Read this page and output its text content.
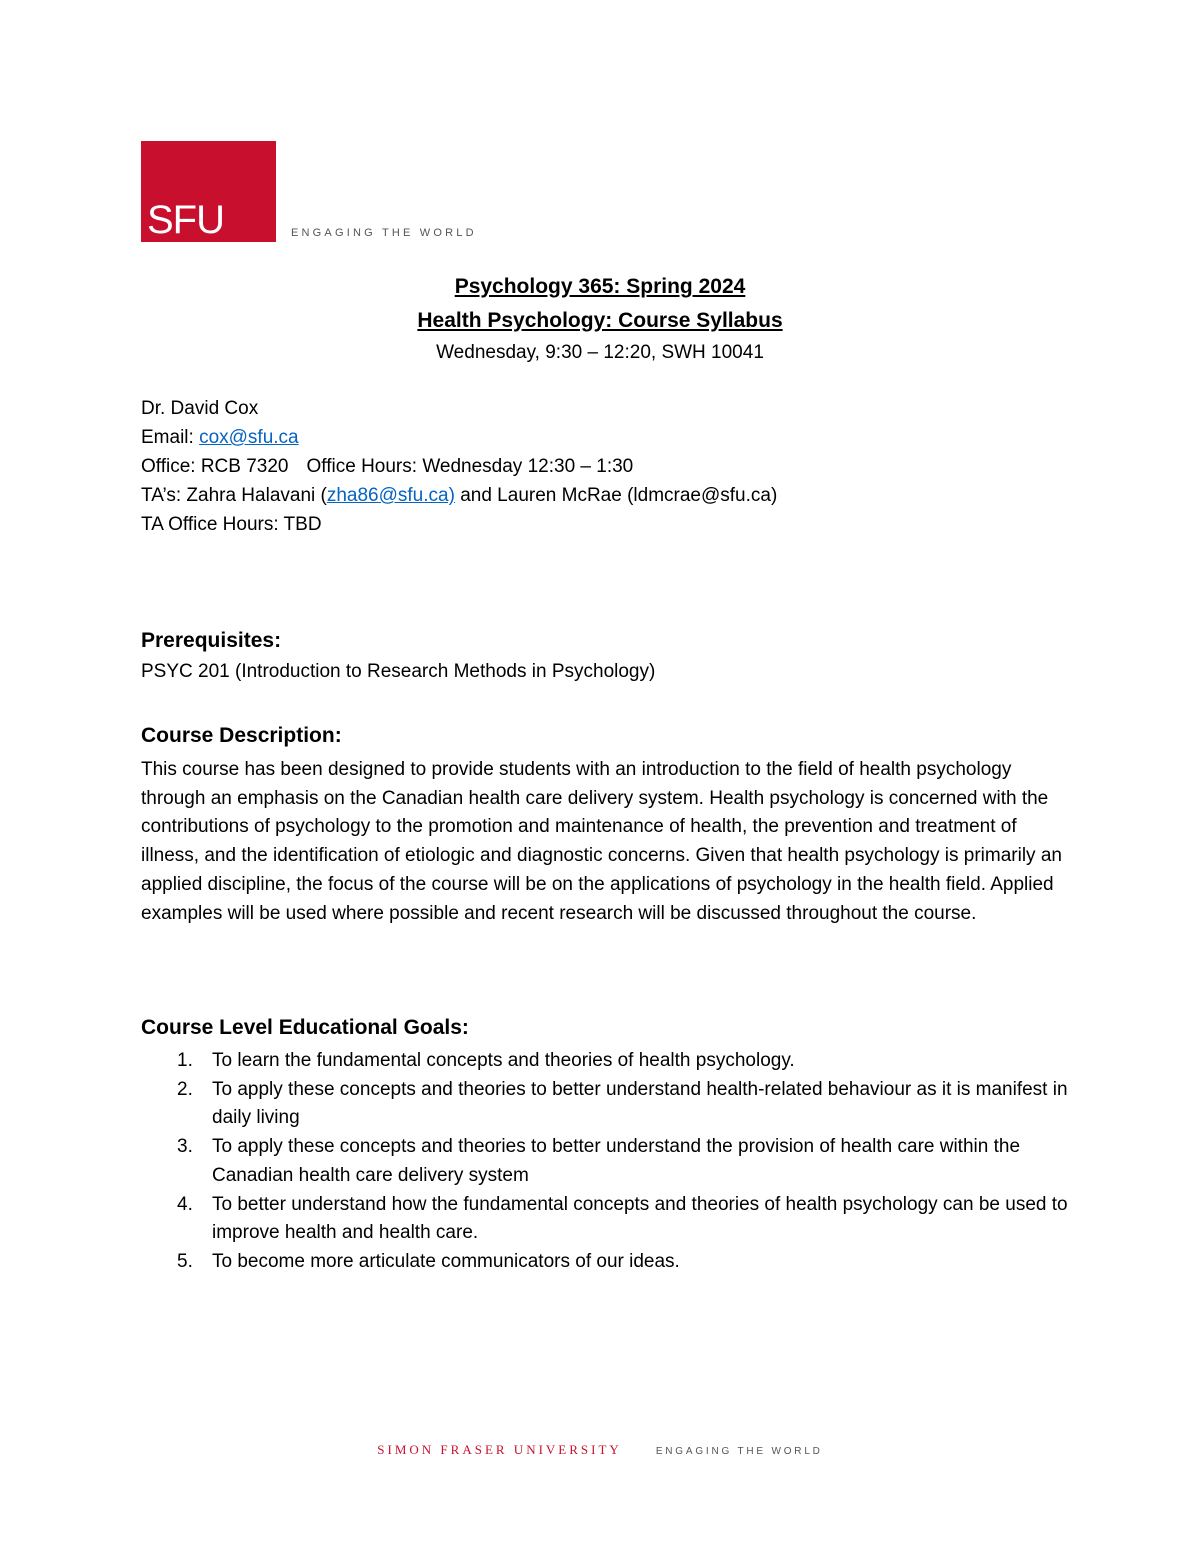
SFU	ENGAGING THE WORLD
Psychology 365: Spring 2024
Health Psychology: Course Syllabus
Wednesday, 9:30 – 12:20, SWH 10041
Dr. David Cox
Email: cox@sfu.ca
Office: RCB 7320 Office Hours: Wednesday 12:30 – 1:30
TA’s: Zahra Halavani (zha86@sfu.ca) and Lauren McRae (ldmcrae@sfu.ca)
TA Office Hours: TBD
Prerequisites:
PSYC 201 (Introduction to Research Methods in Psychology)
Course Description:

This course has been designed to provide students with an introduction to the field of health psychology through an emphasis on the Canadian health care delivery system. Health psychology is concerned with the contributions of psychology to the promotion and maintenance of health, the prevention and treatment of illness, and the identification of etiologic and diagnostic concerns. Given that health psychology is primarily an applied discipline, the focus of the course will be on the applications of psychology in the health field. Applied examples will be used where possible and recent research will be discussed throughout the course.

Course Level Educational Goals:
1. To learn the fundamental concepts and theories of health psychology.
2. To apply these concepts and theories to better understand health-related behaviour as it is manifest in daily living
3. To apply these concepts and theories to better understand the provision of health care within the Canadian health care delivery system
4. To better understand how the fundamental concepts and theories of health psychology can be used to improve health and health care.
5. To become more articulate communicators of our ideas.
SIMON FRASER UNIVERSITY	ENGAGING THE WORLD
